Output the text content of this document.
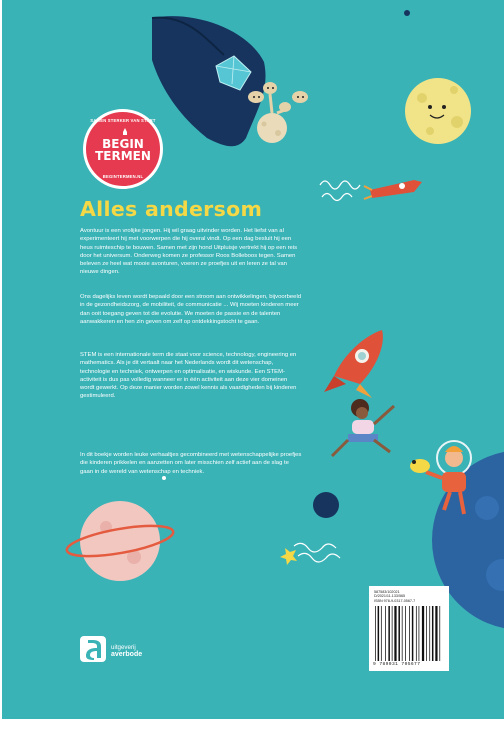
SAMEN STERKER VAN START
BEGIN
TERMEN
BEGINTERMEN.NL
Alles andersom
Avontuur is een vrolijke jongen. Hij wil graag uitvinder worden. Het liefst van al experimenteert hij met voorwerpen die hij overal vindt. Op een dag besluit hij een heus ruimteschip te bouwen. Samen met zijn hond Uitpluisje vertrekt hij op een reis door het universum. Onderweg komen ze professor Roos Bolleboos tegen. Samen beleven ze heel wat mooie avonturen, voeren ze proefjes uit en leren ze tal van nieuwe dingen.
Ons dagelijks leven wordt bepaald door een stroom aan ontwikkelingen, bijvoorbeeld in de gezondheidszorg, de mobiliteit, de communicatie ... Wij moeten kinderen meer dan ooit toegang geven tot die evolutie. We moeten de passie en de talenten aanwakkeren en hen zin geven om zelf op ontdekkingstocht te gaan.
STEM is een internationale term die staat voor science, technology, engineering en mathematics. Als je dit vertaalt naar het Nederlands wordt dit wetenschap, technologie en techniek, ontwerpen en optimalisatie, en wiskunde. Een STEM-activiteit is dus pas volledig wanneer er in één activiteit aan deze vier domeinen wordt gewerkt. Op deze manier worden zowel kennis als vaardigheden bij kinderen gestimuleerd.
In dit boekje worden leuke verhaaltjes gecombineerd met wetenschappelijke proefjes die kinderen prikkelen en aanzetten om later misschien zelf actief aan de slag te gaan in de wereld van wetenschap en techniek.
587583/102021
D/2021/11.133/565
ISBN 978-9-0317-0567-7
9 789031 705677
uitgeverij
averbode
